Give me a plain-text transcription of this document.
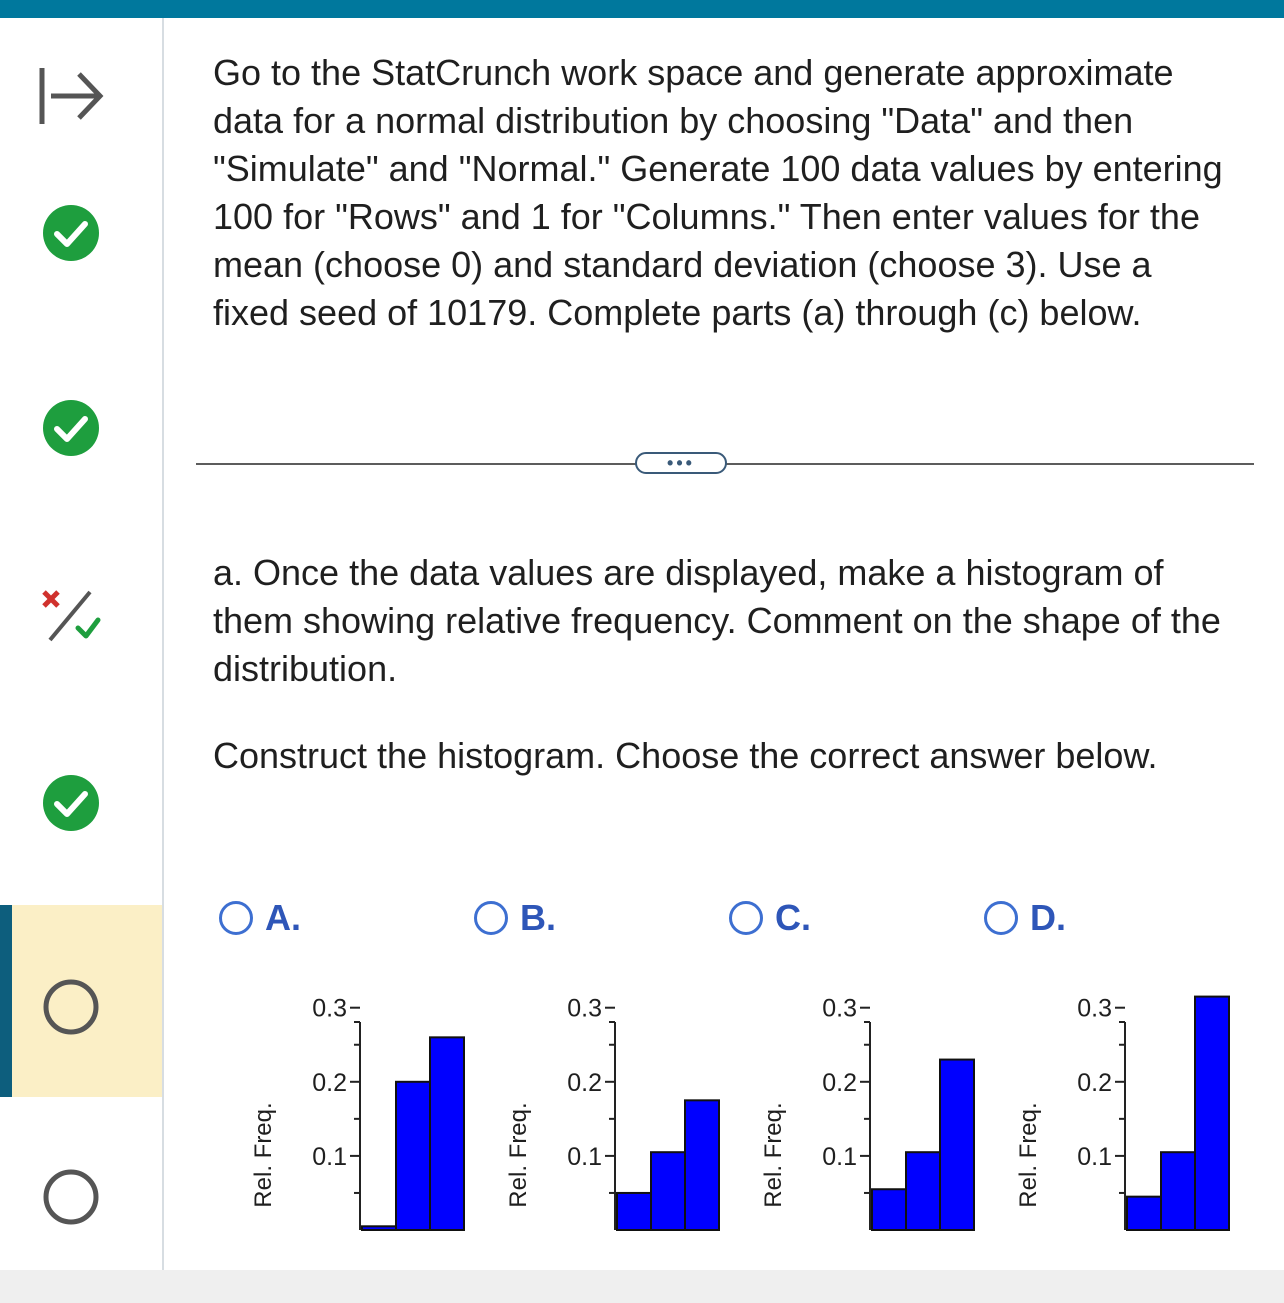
Go to the StatCrunch work space and generate approximate data for a normal distribution by choosing "Data" and then "Simulate" and "Normal." Generate 100 data values by entering 100 for "Rows" and 1 for "Columns." Then enter values for the mean (choose 0) and standard deviation (choose 3). Use a fixed seed of 10179. Complete parts (a) through (c) below.

•••

a. Once the data values are displayed, make a histogram of them showing relative frequency. Comment on the shape of the distribution.

Construct the histogram. Choose the correct answer below.

A.	B.	C.	D.
0.1
0.2
0.3
Rel. Freq.	0.1
0.2
0.3
Rel. Freq.	0.1
0.2
0.3
Rel. Freq.	0.1
0.2
0.3
Rel. Freq.
